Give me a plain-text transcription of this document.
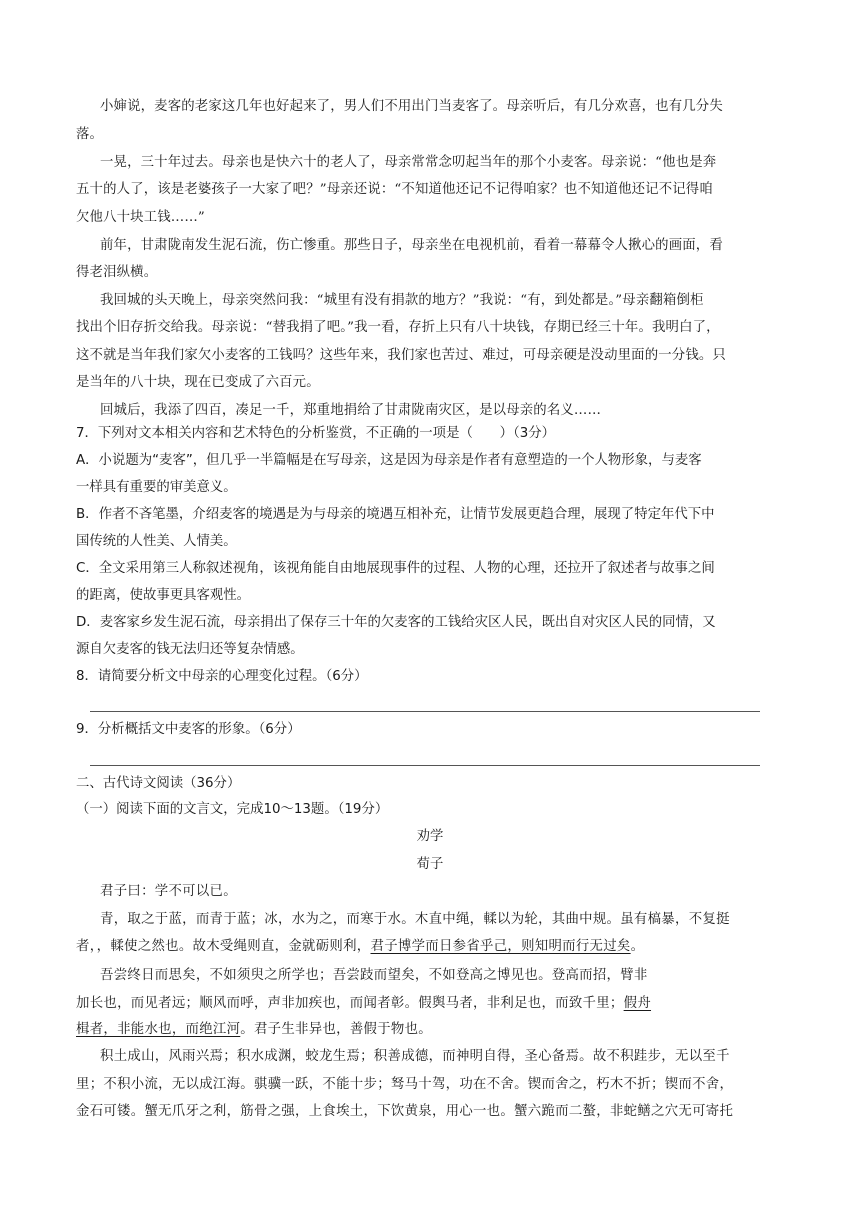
小婶说，麦客的老家这几年也好起来了，男人们不用出门当麦客了。母亲听后，有几分欢喜，也有几分失
落。
一晃，三十年过去。母亲也是快六十的老人了，母亲常常念叨起当年的那个小麦客。母亲说：“他也是奔
五十的人了，该是老婆孩子一大家了吧？”母亲还说：“不知道他还记不记得咱家？也不知道他还记不记得咱
欠他八十块工钱……”
前年，甘肃陇南发生泥石流，伤亡惨重。那些日子，母亲坐在电视机前，看着一幕幕令人揪心的画面，看
得老泪纵横。
我回城的头天晚上，母亲突然问我：“城里有没有捐款的地方？”我说：“有，到处都是。”母亲翻箱倒柜
找出个旧存折交给我。母亲说：“替我捐了吧。”我一看，存折上只有八十块钱，存期已经三十年。我明白了，
这不就是当年我们家欠小麦客的工钱吗？这些年来，我们家也苦过、难过，可母亲硬是没动里面的一分钱。只
是当年的八十块，现在已变成了六百元。
回城后，我添了四百，凑足一千，郑重地捐给了甘肃陇南灾区，是以母亲的名义……
7．下列对文本相关内容和艺术特色的分析鉴赏，不正确的一项是（　　）（3分）
A．小说题为“麦客”，但几乎一半篇幅是在写母亲，这是因为母亲是作者有意塑造的一个人物形象，与麦客
一样具有重要的审美意义。
B．作者不吝笔墨，介绍麦客的境遇是为与母亲的境遇互相补充，让情节发展更趋合理，展现了特定年代下中
国传统的人性美、人情美。
C．全文采用第三人称叙述视角，该视角能自由地展现事件的过程、人物的心理，还拉开了叙述者与故事之间
的距离，使故事更具客观性。
D．麦客家乡发生泥石流，母亲捐出了保存三十年的欠麦客的工钱给灾区人民，既出自对灾区人民的同情，又
源自欠麦客的钱无法归还等复杂情感。
8．请简要分析文中母亲的心理变化过程。（6分）
9．分析概括文中麦客的形象。（6分）
二、古代诗文阅读（36分）
（一）阅读下面的文言文，完成10～13题。（19分）
劝学
荀子
君子曰：学不可以已。
青，取之于蓝，而青于蓝；冰，水为之，而寒于水。木直中绳，輮以为轮，其曲中规。虽有槁暴，不复挺
者，，輮使之然也。故木受绳则直，金就砺则利，君子博学而日参省乎己，则知明而行无过矣。
吾尝终日而思矣，不如须臾之所学也；吾尝跂而望矣，不如登高之博见也。登高而招，臂非
加长也，而见者远；顺风而呼，声非加疾也，而闻者彰。假舆马者，非利足也，而致千里；假舟
楫者，非能水也，而绝江河。君子生非异也，善假于物也。
积土成山，风雨兴焉；积水成渊，蛟龙生焉；积善成德，而神明自得，圣心备焉。故不积跬步，无以至千
里；不积小流，无以成江海。骐骥一跃，不能十步；驽马十驾，功在不舍。锲而舍之，朽木不折；锲而不舍，
金石可镂。蟹无爪牙之利，筋骨之强，上食埃土，下饮黄泉，用心一也。蟹六跪而二螯，非蛇鳝之穴无可寄托
